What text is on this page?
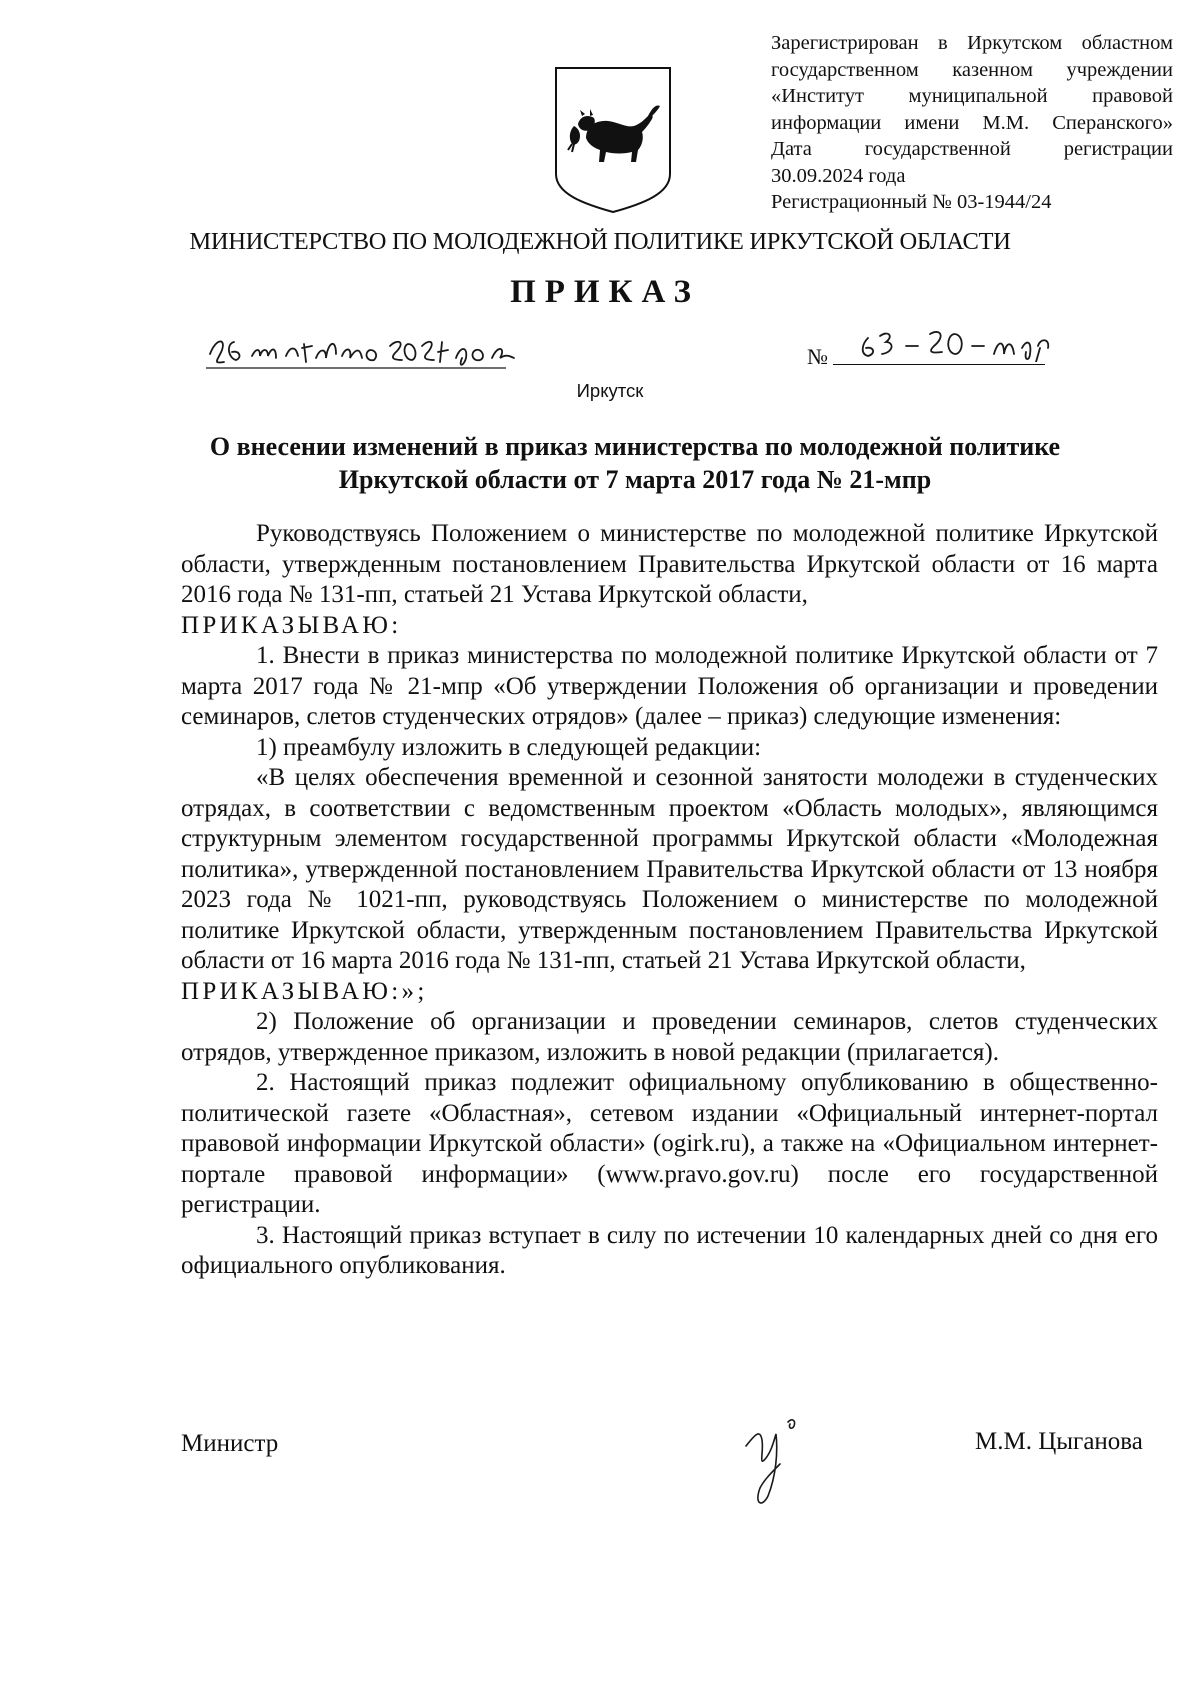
Зарегистрирован в Иркутском областном
государственном казенном учреждении
«Институт муниципальной правовой
информации имени М.М. Сперанского»
Дата государственной регистрации
30.09.2024 года
Регистрационный № 03-1944/24
МИНИСТЕРСТВО ПО МОЛОДЕЖНОЙ ПОЛИТИКЕ ИРКУТСКОЙ ОБЛАСТИ
ПРИКАЗ
№
Иркутск
О внесении изменений в приказ министерства по молодежной политике
Иркутской области от 7 марта 2017 года № 21-мпр

Руководствуясь Положением о министерстве по молодежной политике Иркутской области, утвержденным постановлением Правительства Иркутской области от 16 марта 2016 года № 131-пп, статьей 21 Устава Иркутской области,

ПРИКАЗЫВАЮ:

1. Внести в приказ министерства по молодежной политике Иркутской области от 7 марта 2017 года № 21-мпр «Об утверждении Положения об организации и проведении семинаров, слетов студенческих отрядов» (далее – приказ) следующие изменения:

1) преамбулу изложить в следующей редакции:

«В целях обеспечения временной и сезонной занятости молодежи в студенческих отрядах, в соответствии с ведомственным проектом «Область молодых», являющимся структурным элементом государственной программы Иркутской области «Молодежная политика», утвержденной постановлением Правительства Иркутской области от 13 ноября 2023 года № 1021-пп, руководствуясь Положением о министерстве по молодежной политике Иркутской области, утвержденным постановлением Правительства Иркутской области от 16 марта 2016 года № 131-пп, статьей 21 Устава Иркутской области,

ПРИКАЗЫВАЮ:»;

2) Положение об организации и проведении семинаров, слетов студенческих отрядов, утвержденное приказом, изложить в новой редакции (прилагается).

2. Настоящий приказ подлежит официальному опубликованию в общественно-политической газете «Областная», сетевом издании «Официальный интернет-портал правовой информации Иркутской области» (ogirk.ru), а также на «Официальном интернет-портале правовой информации» (www.pravo.gov.ru) после его государственной регистрации.

3. Настоящий приказ вступает в силу по истечении 10 календарных дней со дня его официального опубликования.

Министр	М.М. Цыганова
